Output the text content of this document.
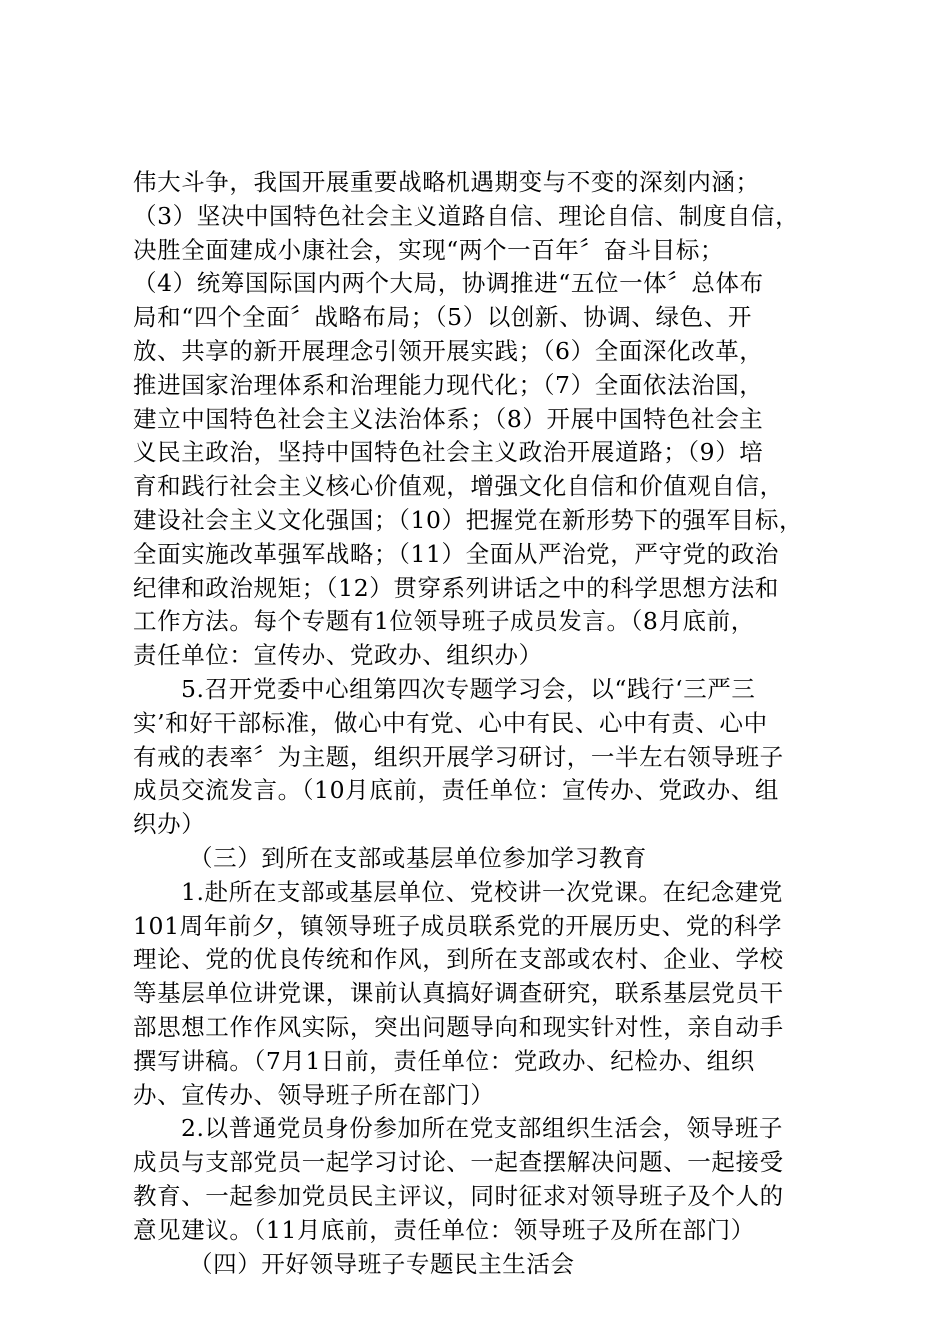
伟大斗争，我国开展重要战略机遇期变与不变的深刻内涵；
（3）坚决中国特色社会主义道路自信、理论自信、制度自信，
决胜全面建成小康社会，实现“两个一百年〞奋斗目标；
（4）统筹国际国内两个大局，协调推进“五位一体〞总体布
局和“四个全面〞战略布局；（5）以创新、协调、绿色、开
放、共享的新开展理念引领开展实践；（6）全面深化改革，
推进国家治理体系和治理能力现代化；（7）全面依法治国，
建立中国特色社会主义法治体系；（8）开展中国特色社会主
义民主政治，坚持中国特色社会主义政治开展道路；（9）培
育和践行社会主义核心价值观，增强文化自信和价值观自信，
建设社会主义文化强国；（10）把握党在新形势下的强军目标，
全面实施改革强军战略；（11）全面从严治党，严守党的政治
纪律和政治规矩；（12）贯穿系列讲话之中的科学思想方法和
工作方法。每个专题有1位领导班子成员发言。（8月底前，
责任单位：宣传办、党政办、组织办）
5.召开党委中心组第四次专题学习会，以“践行‘三严三
实’和好干部标准，做心中有党、心中有民、心中有责、心中
有戒的表率〞为主题，组织开展学习研讨，一半左右领导班子
成员交流发言。（10月底前，责任单位：宣传办、党政办、组
织办）
（三）到所在支部或基层单位参加学习教育
1.赴所在支部或基层单位、党校讲一次党课。在纪念建党
101周年前夕，镇领导班子成员联系党的开展历史、党的科学
理论、党的优良传统和作风，到所在支部或农村、企业、学校
等基层单位讲党课，课前认真搞好调查研究，联系基层党员干
部思想工作作风实际，突出问题导向和现实针对性，亲自动手
撰写讲稿。（7月1日前，责任单位：党政办、纪检办、组织
办、宣传办、领导班子所在部门）
2.以普通党员身份参加所在党支部组织生活会，领导班子
成员与支部党员一起学习讨论、一起查摆解决问题、一起接受
教育、一起参加党员民主评议，同时征求对领导班子及个人的
意见建议。（11月底前，责任单位：领导班子及所在部门）
（四）开好领导班子专题民主生活会
